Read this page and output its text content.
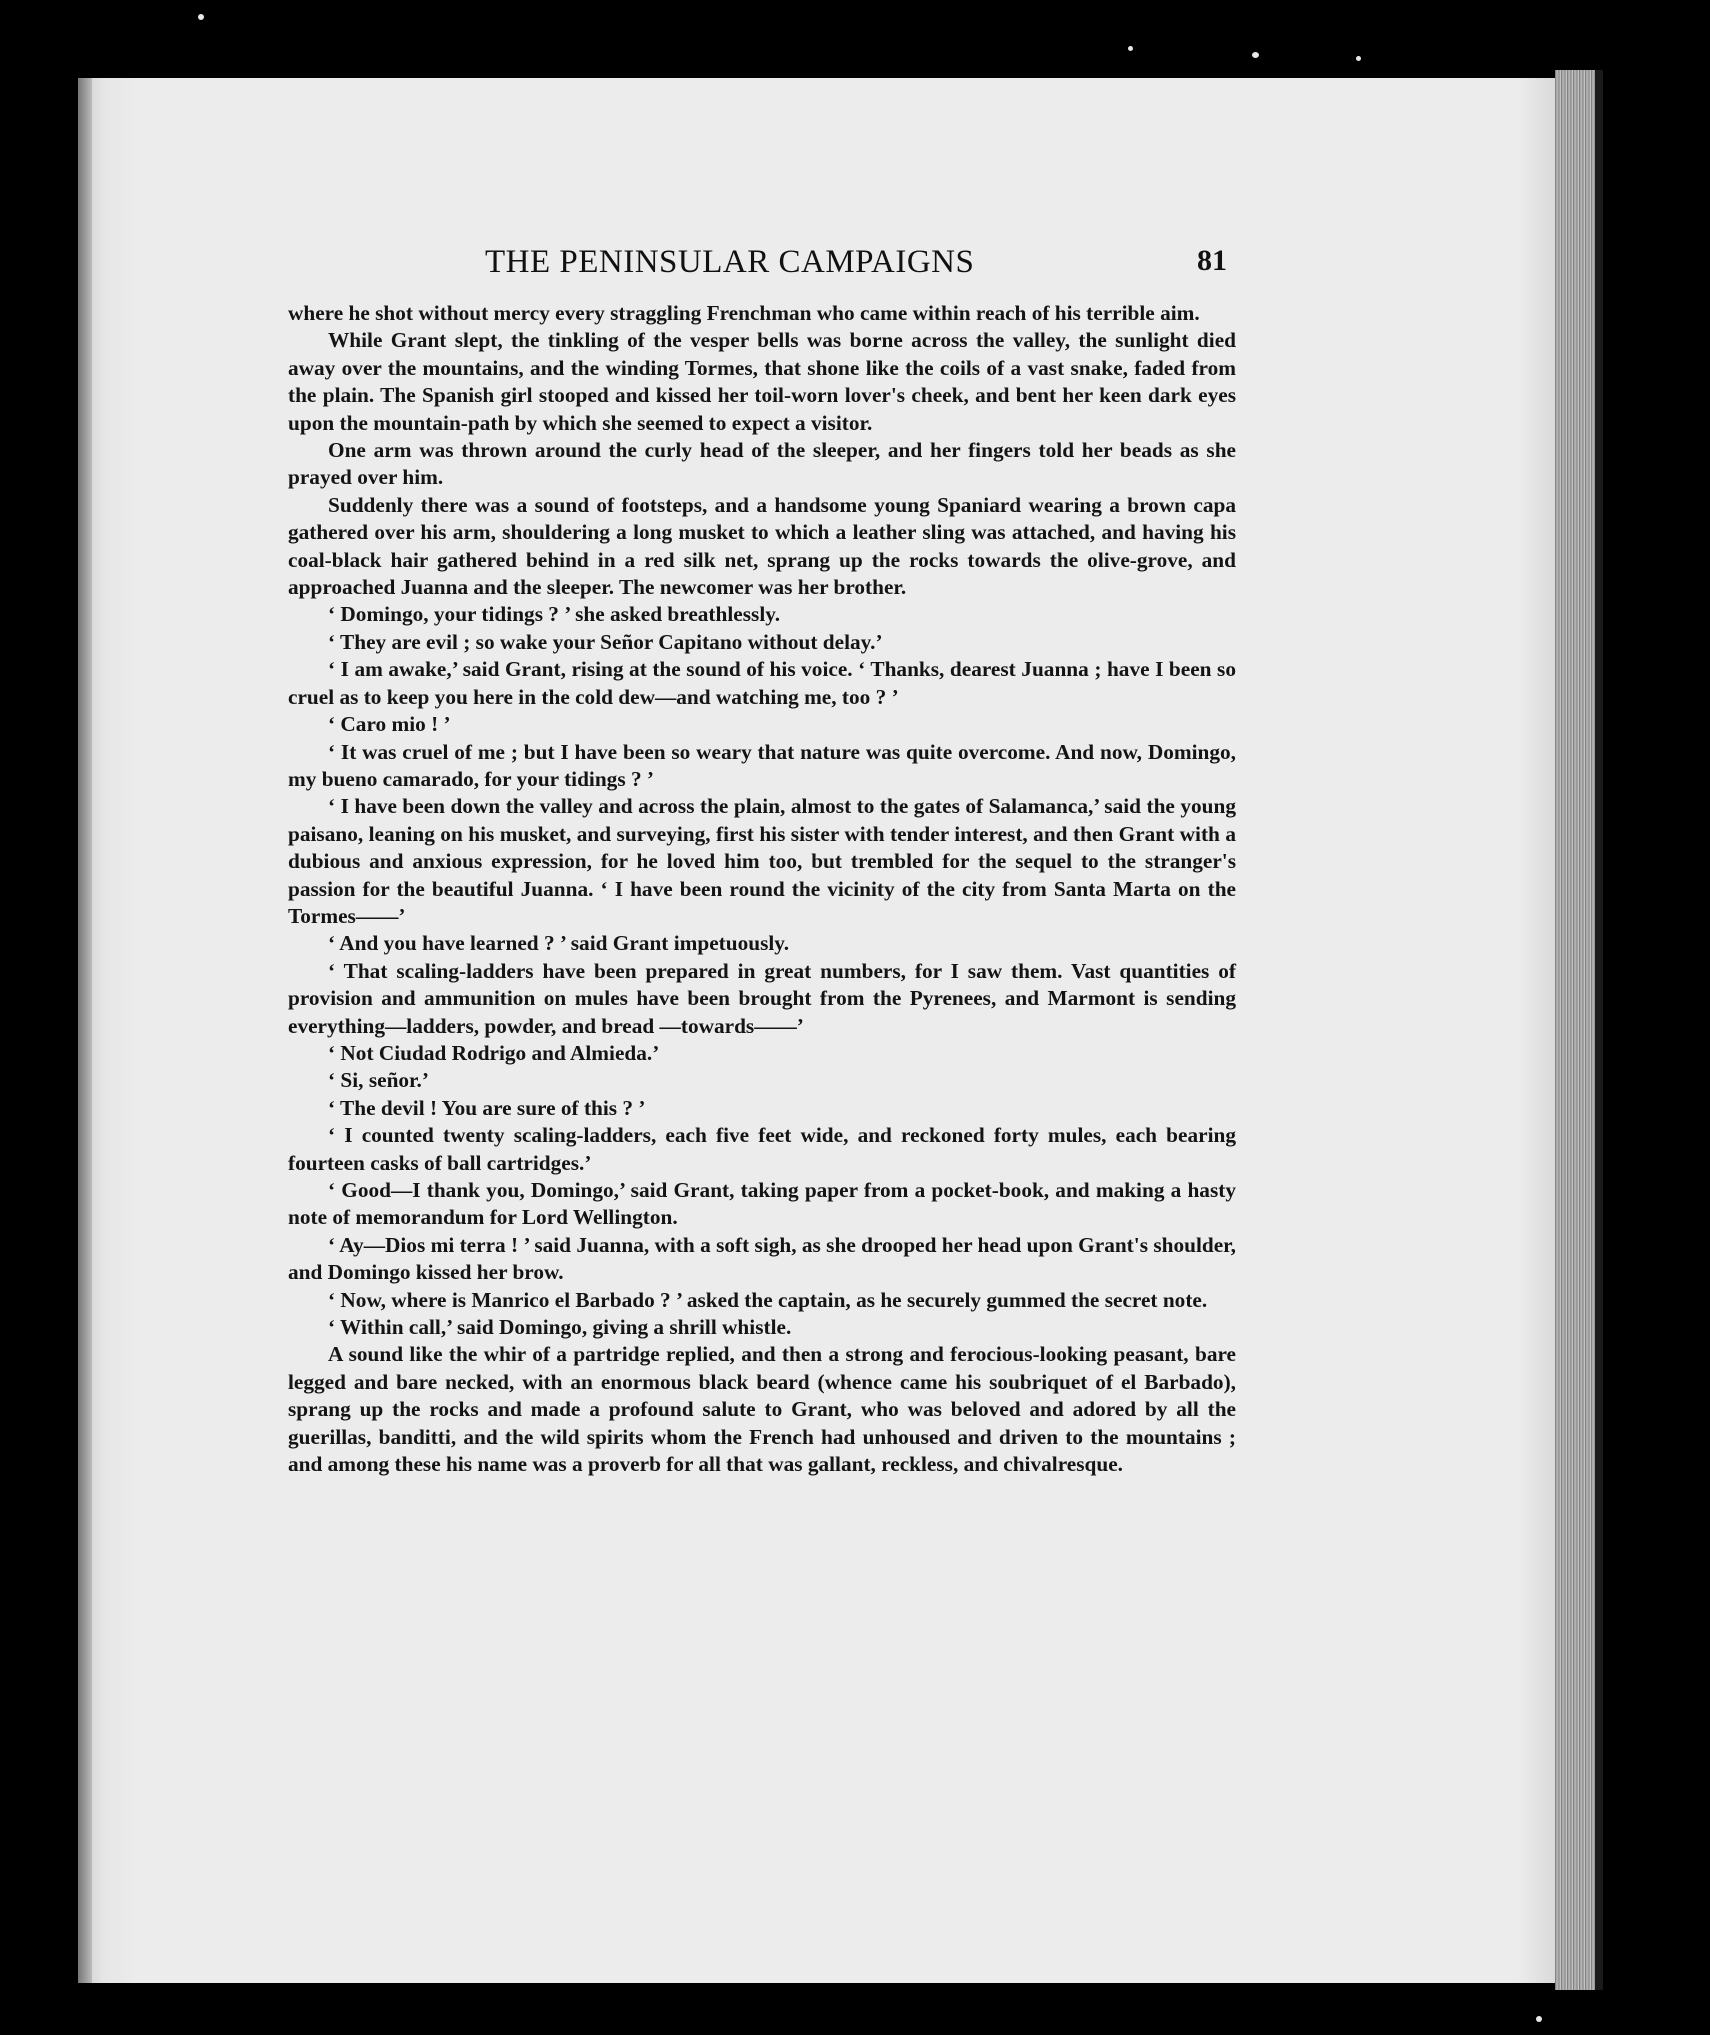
THE PENINSULAR CAMPAIGNS	81

where he shot without mercy every straggling Frenchman who came within reach of his terrible aim.

While Grant slept, the tinkling of the vesper bells was borne across the valley, the sunlight died away over the mountains, and the winding Tormes, that shone like the coils of a vast snake, faded from the plain. The Spanish girl stooped and kissed her toil-worn lover's cheek, and bent her keen dark eyes upon the mountain-path by which she seemed to expect a visitor.

One arm was thrown around the curly head of the sleeper, and her fingers told her beads as she prayed over him.

Suddenly there was a sound of footsteps, and a handsome young Spaniard wearing a brown capa gathered over his arm, shouldering a long musket to which a leather sling was attached, and having his coal-black hair gathered behind in a red silk net, sprang up the rocks towards the olive-grove, and approached Juanna and the sleeper. The newcomer was her brother.

‘ Domingo, your tidings ? ’ she asked breathlessly.

‘ They are evil ; so wake your Señor Capitano without delay.’

‘ I am awake,’ said Grant, rising at the sound of his voice. ‘ Thanks, dearest Juanna ; have I been so cruel as to keep you here in the cold dew—and watching me, too ? ’

‘ Caro mio ! ’

‘ It was cruel of me ; but I have been so weary that nature was quite overcome. And now, Domingo, my bueno camarado, for your tidings ? ’

‘ I have been down the valley and across the plain, almost to the gates of Salamanca,’ said the young paisano, leaning on his musket, and surveying, first his sister with tender interest, and then Grant with a dubious and anxious expression, for he loved him too, but trembled for the sequel to the stranger's passion for the beautiful Juanna. ‘ I have been round the vicinity of the city from Santa Marta on the Tormes——’

‘ And you have learned ? ’ said Grant impetuously.

‘ That scaling-ladders have been prepared in great numbers, for I saw them. Vast quantities of provision and ammunition on mules have been brought from the Pyrenees, and Marmont is sending everything—ladders, powder, and bread —towards——’

‘ Not Ciudad Rodrigo and Almieda.’

‘ Si, señor.’

‘ The devil ! You are sure of this ? ’

‘ I counted twenty scaling-ladders, each five feet wide, and reckoned forty mules, each bearing fourteen casks of ball cartridges.’

‘ Good—I thank you, Domingo,’ said Grant, taking paper from a pocket-book, and making a hasty note of memorandum for Lord Wellington.

‘ Ay—Dios mi terra ! ’ said Juanna, with a soft sigh, as she drooped her head upon Grant's shoulder, and Domingo kissed her brow.

‘ Now, where is Manrico el Barbado ? ’ asked the captain, as he securely gummed the secret note.

‘ Within call,’ said Domingo, giving a shrill whistle.

A sound like the whir of a partridge replied, and then a strong and ferocious-looking peasant, bare legged and bare necked, with an enormous black beard (whence came his soubriquet of el Barbado), sprang up the rocks and made a profound salute to Grant, who was beloved and adored by all the guerillas, banditti, and the wild spirits whom the French had unhoused and driven to the mountains ; and among these his name was a proverb for all that was gallant, reckless, and chivalresque.
